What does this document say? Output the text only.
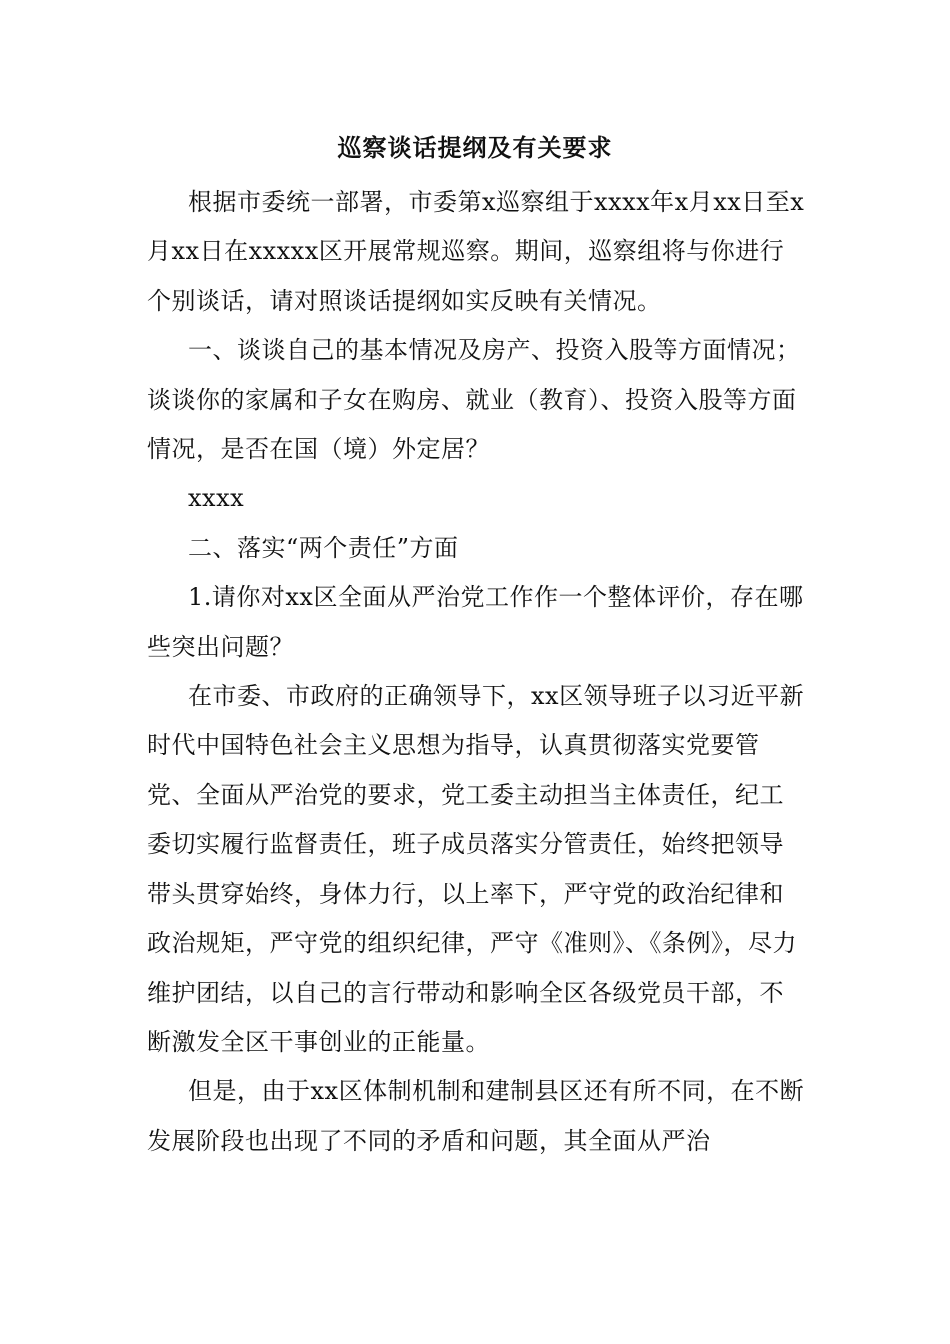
巡察谈话提纲及有关要求

根据市委统一部署，市委第x巡察组于xxxx年x月xx日至x月xx日在xxxxx区开展常规巡察。期间，巡察组将与你进行个别谈话，请对照谈话提纲如实反映有关情况。

一、谈谈自己的基本情况及房产、投资入股等方面情况；谈谈你的家属和子女在购房、就业（教育）、投资入股等方面情况，是否在国（境）外定居？

xxxx

二、落实“两个责任”方面

1.请你对xx区全面从严治党工作作一个整体评价，存在哪些突出问题？

在市委、市政府的正确领导下，xx区领导班子以习近平新时代中国特色社会主义思想为指导，认真贯彻落实党要管党、全面从严治党的要求，党工委主动担当主体责任，纪工委切实履行监督责任，班子成员落实分管责任，始终把领导带头贯穿始终，身体力行，以上率下，严守党的政治纪律和政治规矩，严守党的组织纪律，严守《准则》、《条例》，尽力维护团结，以自己的言行带动和影响全区各级党员干部，不断激发全区干事创业的正能量。

但是，由于xx区体制机制和建制县区还有所不同，在不断发展阶段也出现了不同的矛盾和问题，其全面从严治
